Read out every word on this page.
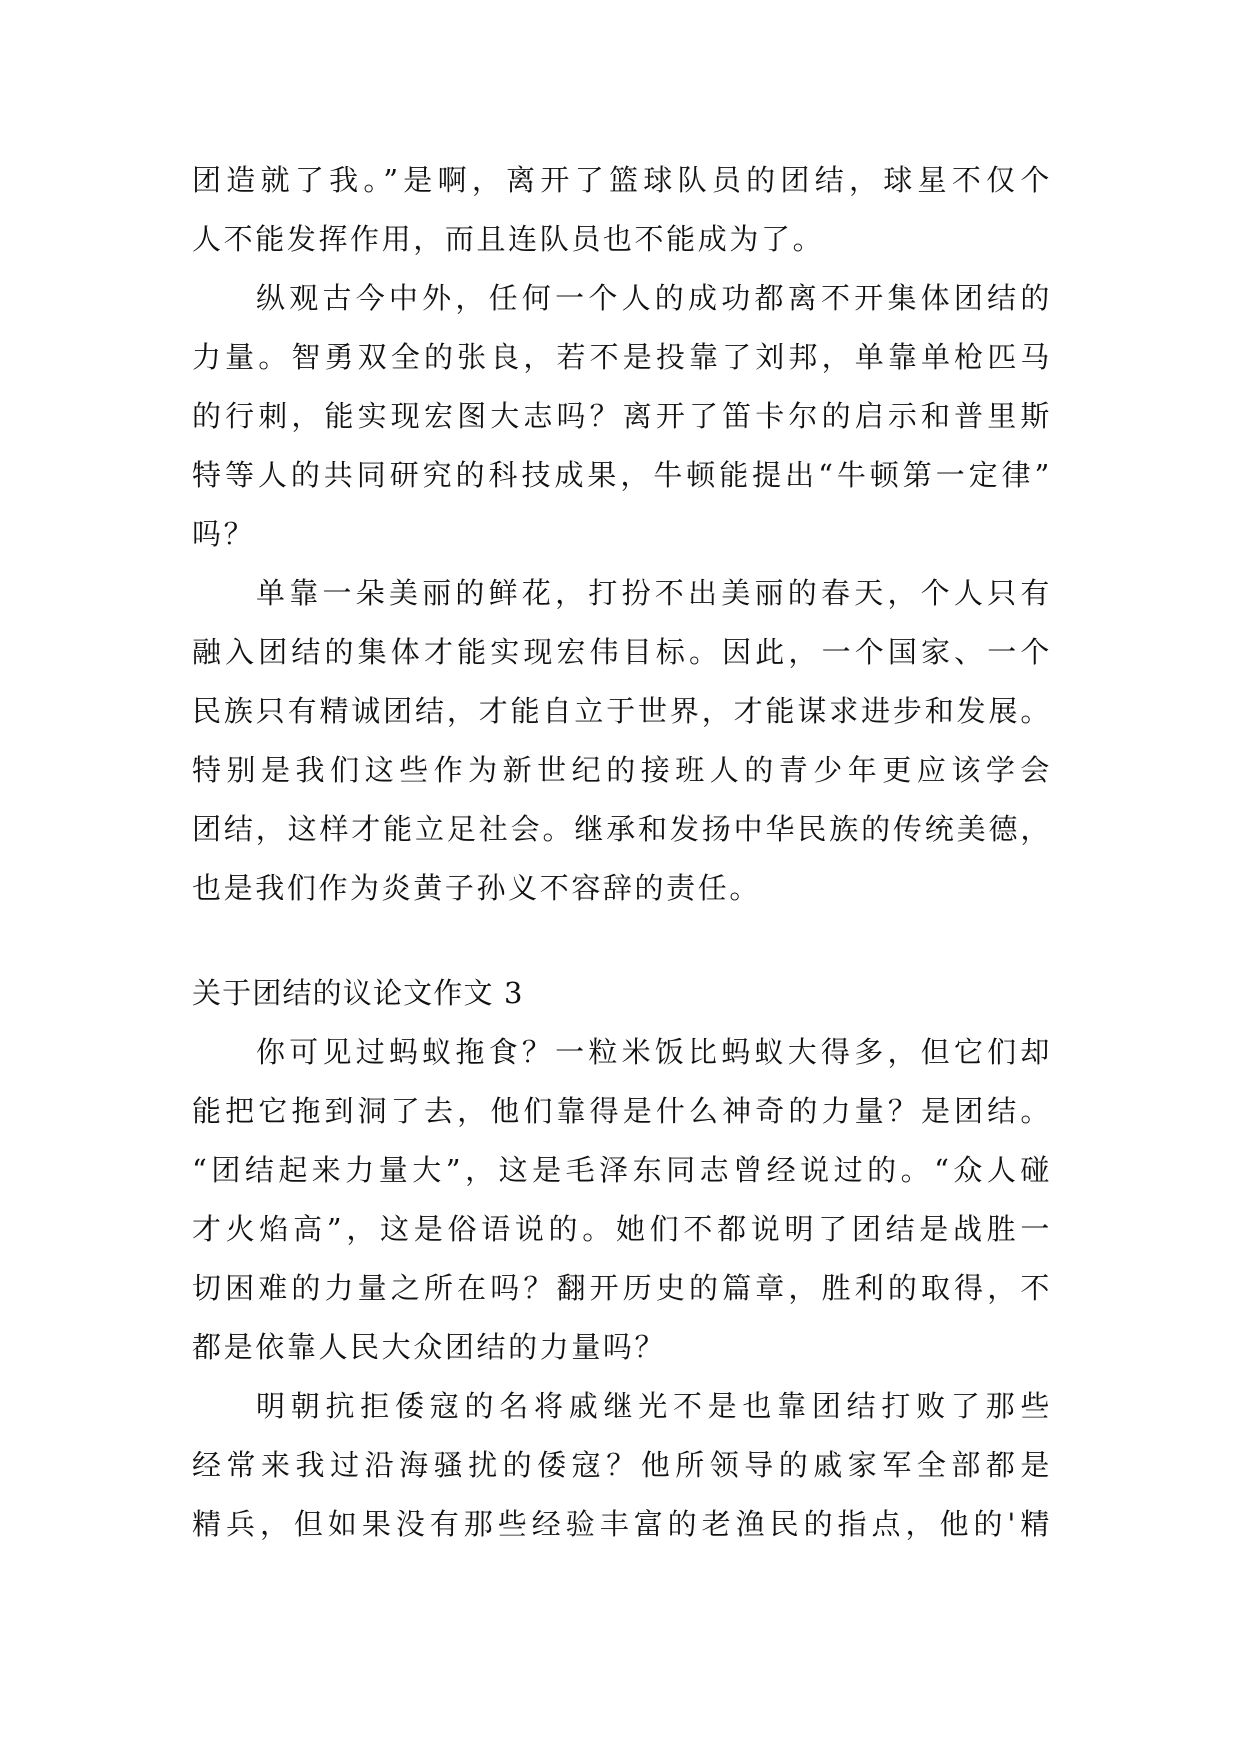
团造就了我。”是啊，离开了篮球队员的团结，球星不仅个
人不能发挥作用，而且连队员也不能成为了。
纵观古今中外，任何一个人的成功都离不开集体团结的
力量。智勇双全的张良，若不是投靠了刘邦，单靠单枪匹马
的行刺，能实现宏图大志吗？离开了笛卡尔的启示和普里斯
特等人的共同研究的科技成果，牛顿能提出“牛顿第一定律”
吗？
单靠一朵美丽的鲜花，打扮不出美丽的春天，个人只有
融入团结的集体才能实现宏伟目标。因此，一个国家、一个
民族只有精诚团结，才能自立于世界，才能谋求进步和发展。
特别是我们这些作为新世纪的接班人的青少年更应该学会
团结，这样才能立足社会。继承和发扬中华民族的传统美德，
也是我们作为炎黄子孙义不容辞的责任。
关于团结的议论文作文 3
你可见过蚂蚁拖食？一粒米饭比蚂蚁大得多，但它们却
能把它拖到洞了去，他们靠得是什么神奇的力量？是团结。
“团结起来力量大”，这是毛泽东同志曾经说过的。“众人碰
才火焰高”，这是俗语说的。她们不都说明了团结是战胜一
切困难的力量之所在吗？翻开历史的篇章，胜利的取得，不
都是依靠人民大众团结的力量吗？
明朝抗拒倭寇的名将戚继光不是也靠团结打败了那些
经常来我过沿海骚扰的倭寇？他所领导的戚家军全部都是
精兵，但如果没有那些经验丰富的老渔民的指点，他的'精
